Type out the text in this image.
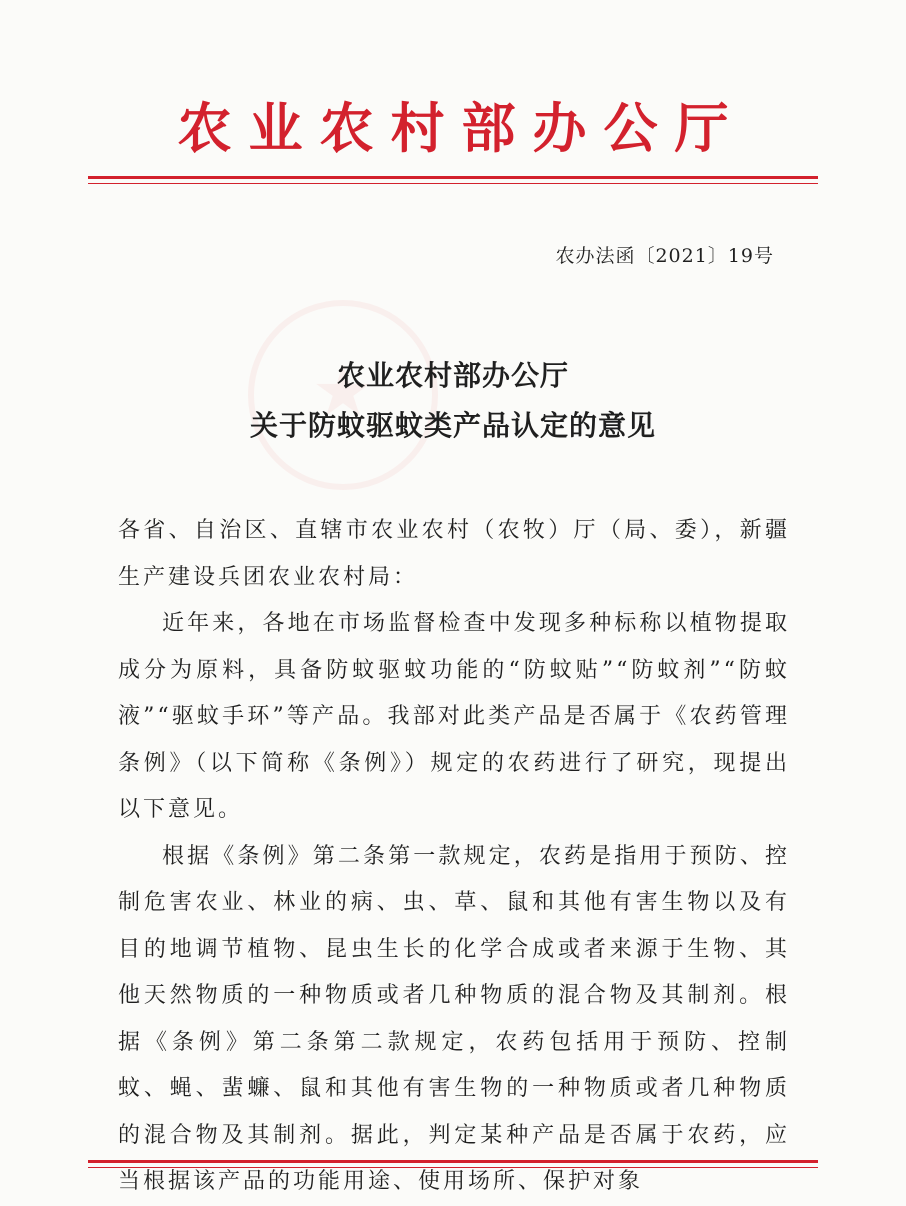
★
农业农村部办公厅
农办法函〔2021〕19号
农业农村部办公厅
关于防蚊驱蚊类产品认定的意见

各省、自治区、直辖市农业农村（农牧）厅（局、委），新疆生产建设兵团农业农村局：

近年来，各地在市场监督检查中发现多种标称以植物提取成分为原料，具备防蚊驱蚊功能的“防蚊贴”“防蚊剂”“防蚊液”“驱蚊手环”等产品。我部对此类产品是否属于《农药管理条例》（以下简称《条例》）规定的农药进行了研究，现提出以下意见。

根据《条例》第二条第一款规定，农药是指用于预防、控制危害农业、林业的病、虫、草、鼠和其他有害生物以及有目的地调节植物、昆虫生长的化学合成或者来源于生物、其他天然物质的一种物质或者几种物质的混合物及其制剂。根据《条例》第二条第二款规定，农药包括用于预防、控制蚊、蝇、蜚蠊、鼠和其他有害生物的一种物质或者几种物质的混合物及其制剂。据此，判定某种产品是否属于农药，应当根据该产品的功能用途、使用场所、保护对象
